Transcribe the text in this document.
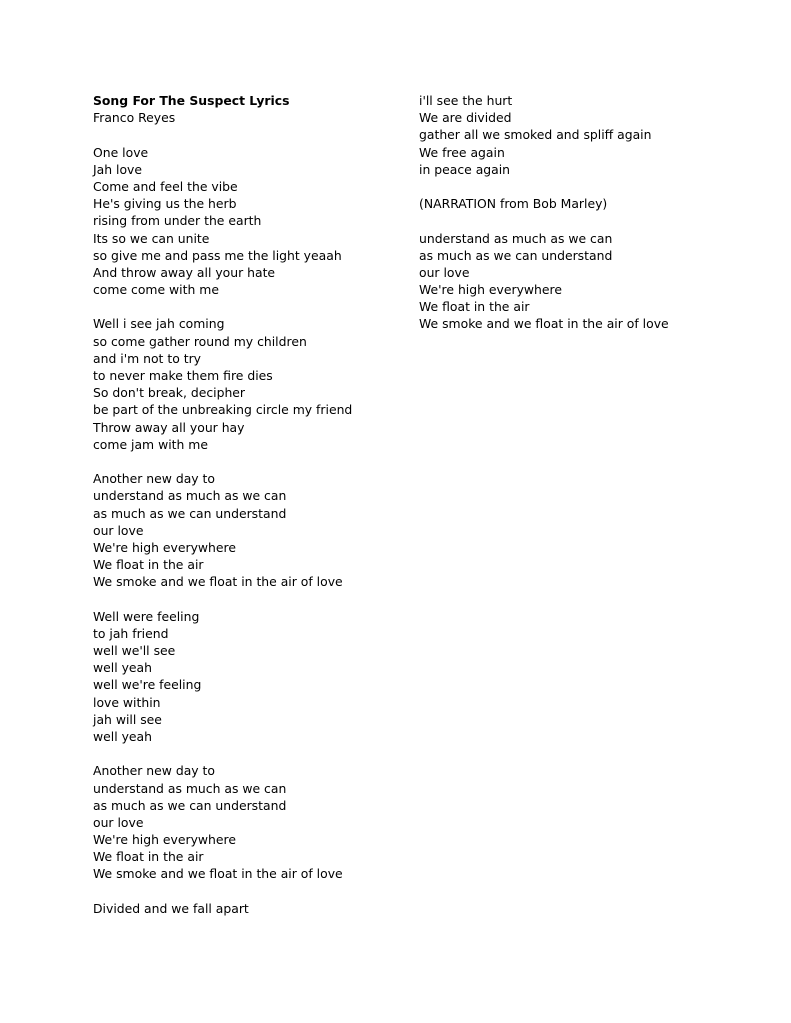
Song For The Suspect Lyrics
Franco Reyes
One love
Jah love
Come and feel the vibe
He's giving us the herb
rising from under the earth
Its so we can unite
so give me and pass me the light yeaah
And throw away all your hate
come come with me
Well i see jah coming
so come gather round my children
and i'm not to try
to never make them fire dies
So don't break, decipher
be part of the unbreaking circle my friend
Throw away all your hay
come jam with me
Another new day to
understand as much as we can
as much as we can understand
our love
We're high everywhere
We float in the air
We smoke and we float in the air of love
Well were feeling
to jah friend
well we'll see
well yeah
well we're feeling
love within
jah will see
well yeah
Another new day to
understand as much as we can
as much as we can understand
our love
We're high everywhere
We float in the air
We smoke and we float in the air of love
Divided and we fall apart
i'll see the hurt
We are divided
gather all we smoked and spliff again
We free again
in peace again
(NARRATION from Bob Marley)
understand as much as we can
as much as we can understand
our love
We're high everywhere
We float in the air
We smoke and we float in the air of love
